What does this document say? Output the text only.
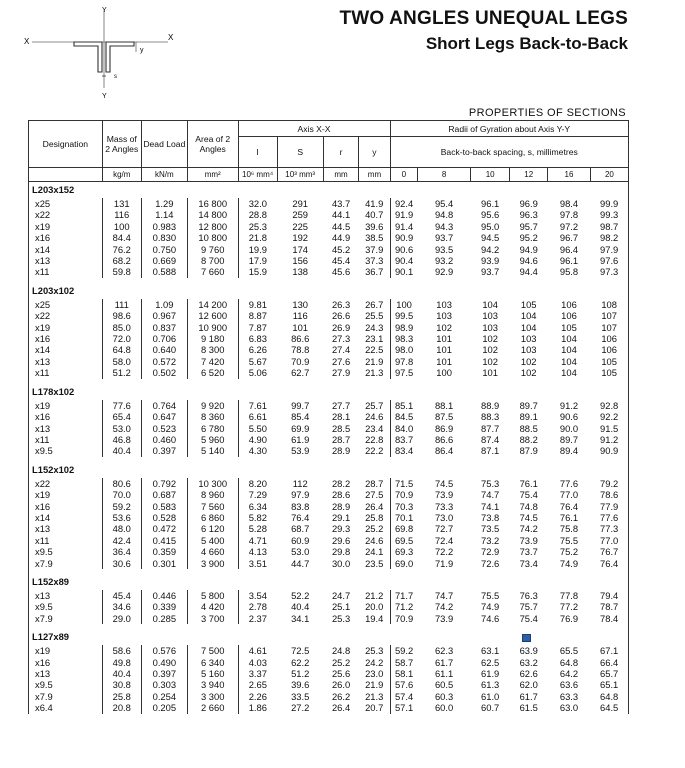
TWO ANGLES UNEQUAL LEGS
Short Legs Back-to-Back
X	X
Y
Y
y
s
PROPERTIES OF SECTIONS
Designation	Mass of 2 Angles	Dead Load	Area of 2 Angles	Axis X-X				Radii of Gyration about Axis Y-Y					
				I	S	r	y	Back-to-back spacing, s, millimetres					
	kg/m	kN/m	mm²	10⁶ mm⁴	10³ mm³	mm	mm	0	8	10	12	16	20
L203x152													
x25	131	1.29	16 800	32.0	291	43.7	41.9	92.4	95.4	96.1	96.9	98.4	99.9
x22	116	1.14	14 800	28.8	259	44.1	40.7	91.9	94.8	95.6	96.3	97.8	99.3
x19	100	0.983	12 800	25.3	225	44.5	39.6	91.4	94.3	95.0	95.7	97.2	98.7
x16	84.4	0.830	10 800	21.8	192	44.9	38.5	90.9	93.7	94.5	95.2	96.7	98.2
x14	76.2	0.750	9 760	19.9	174	45.2	37.9	90.6	93.5	94.2	94.9	96.4	97.9
x13	68.2	0.669	8 700	17.9	156	45.4	37.3	90.4	93.2	93.9	94.6	96.1	97.6
x11	59.8	0.588	7 660	15.9	138	45.6	36.7	90.1	92.9	93.7	94.4	95.8	97.3

L203x102													
x25	111	1.09	14 200	9.81	130	26.3	26.7	100	103	104	105	106	108
x22	98.6	0.967	12 600	8.87	116	26.6	25.5	99.5	103	103	104	106	107
x19	85.0	0.837	10 900	7.87	101	26.9	24.3	98.9	102	103	104	105	107
x16	72.0	0.706	9 180	6.83	86.6	27.3	23.1	98.3	101	102	103	104	106
x14	64.8	0.640	8 300	6.26	78.8	27.4	22.5	98.0	101	102	103	104	106
x13	58.0	0.572	7 420	5.67	70.9	27.6	21.9	97.8	101	102	102	104	105
x11	51.2	0.502	6 520	5.06	62.7	27.9	21.3	97.5	100	101	102	104	105

L178x102													
x19	77.6	0.764	9 920	7.61	99.7	27.7	25.7	85.1	88.1	88.9	89.7	91.2	92.8
x16	65.4	0.647	8 360	6.61	85.4	28.1	24.6	84.5	87.5	88.3	89.1	90.6	92.2
x13	53.0	0.523	6 780	5.50	69.9	28.5	23.4	84.0	86.9	87.7	88.5	90.0	91.5
x11	46.8	0.460	5 960	4.90	61.9	28.7	22.8	83.7	86.6	87.4	88.2	89.7	91.2
x9.5	40.4	0.397	5 140	4.30	53.9	28.9	22.2	83.4	86.4	87.1	87.9	89.4	90.9

L152x102													
x22	80.6	0.792	10 300	8.20	112	28.2	28.7	71.5	74.5	75.3	76.1	77.6	79.2
x19	70.0	0.687	8 960	7.29	97.9	28.6	27.5	70.9	73.9	74.7	75.4	77.0	78.6
x16	59.2	0.583	7 560	6.34	83.8	28.9	26.4	70.3	73.3	74.1	74.8	76.4	77.9
x14	53.6	0.528	6 860	5.82	76.4	29.1	25.8	70.1	73.0	73.8	74.5	76.1	77.6
x13	48.0	0.472	6 120	5.28	68.7	29.3	25.2	69.8	72.7	73.5	74.2	75.8	77.3
x11	42.4	0.415	5 400	4.71	60.9	29.6	24.6	69.5	72.4	73.2	73.9	75.5	77.0
x9.5	36.4	0.359	4 660	4.13	53.0	29.8	24.1	69.3	72.2	72.9	73.7	75.2	76.7
x7.9	30.6	0.301	3 900	3.51	44.7	30.0	23.5	69.0	71.9	72.6	73.4	74.9	76.4

L152x89													
x13	45.4	0.446	5 800	3.54	52.2	24.7	21.2	71.7	74.7	75.5	76.3	77.8	79.4
x9.5	34.6	0.339	4 420	2.78	40.4	25.1	20.0	71.2	74.2	74.9	75.7	77.2	78.7
x7.9	29.0	0.285	3 700	2.37	34.1	25.3	19.4	70.9	73.9	74.6	75.4	76.9	78.4

L127x89													
x19	58.6	0.576	7 500	4.61	72.5	24.8	25.3	59.2	62.3	63.1	63.9	65.5	67.1
x16	49.8	0.490	6 340	4.03	62.2	25.2	24.2	58.7	61.7	62.5	63.2	64.8	66.4
x13	40.4	0.397	5 160	3.37	51.2	25.6	23.0	58.1	61.1	61.9	62.6	64.2	65.7
x9.5	30.8	0.303	3 940	2.65	39.6	26.0	21.9	57.6	60.5	61.3	62.0	63.6	65.1
x7.9	25.8	0.254	3 300	2.26	33.5	26.2	21.3	57.4	60.3	61.0	61.7	63.3	64.8
x6.4	20.8	0.205	2 660	1.86	27.2	26.4	20.7	57.1	60.0	60.7	61.5	63.0	64.5
